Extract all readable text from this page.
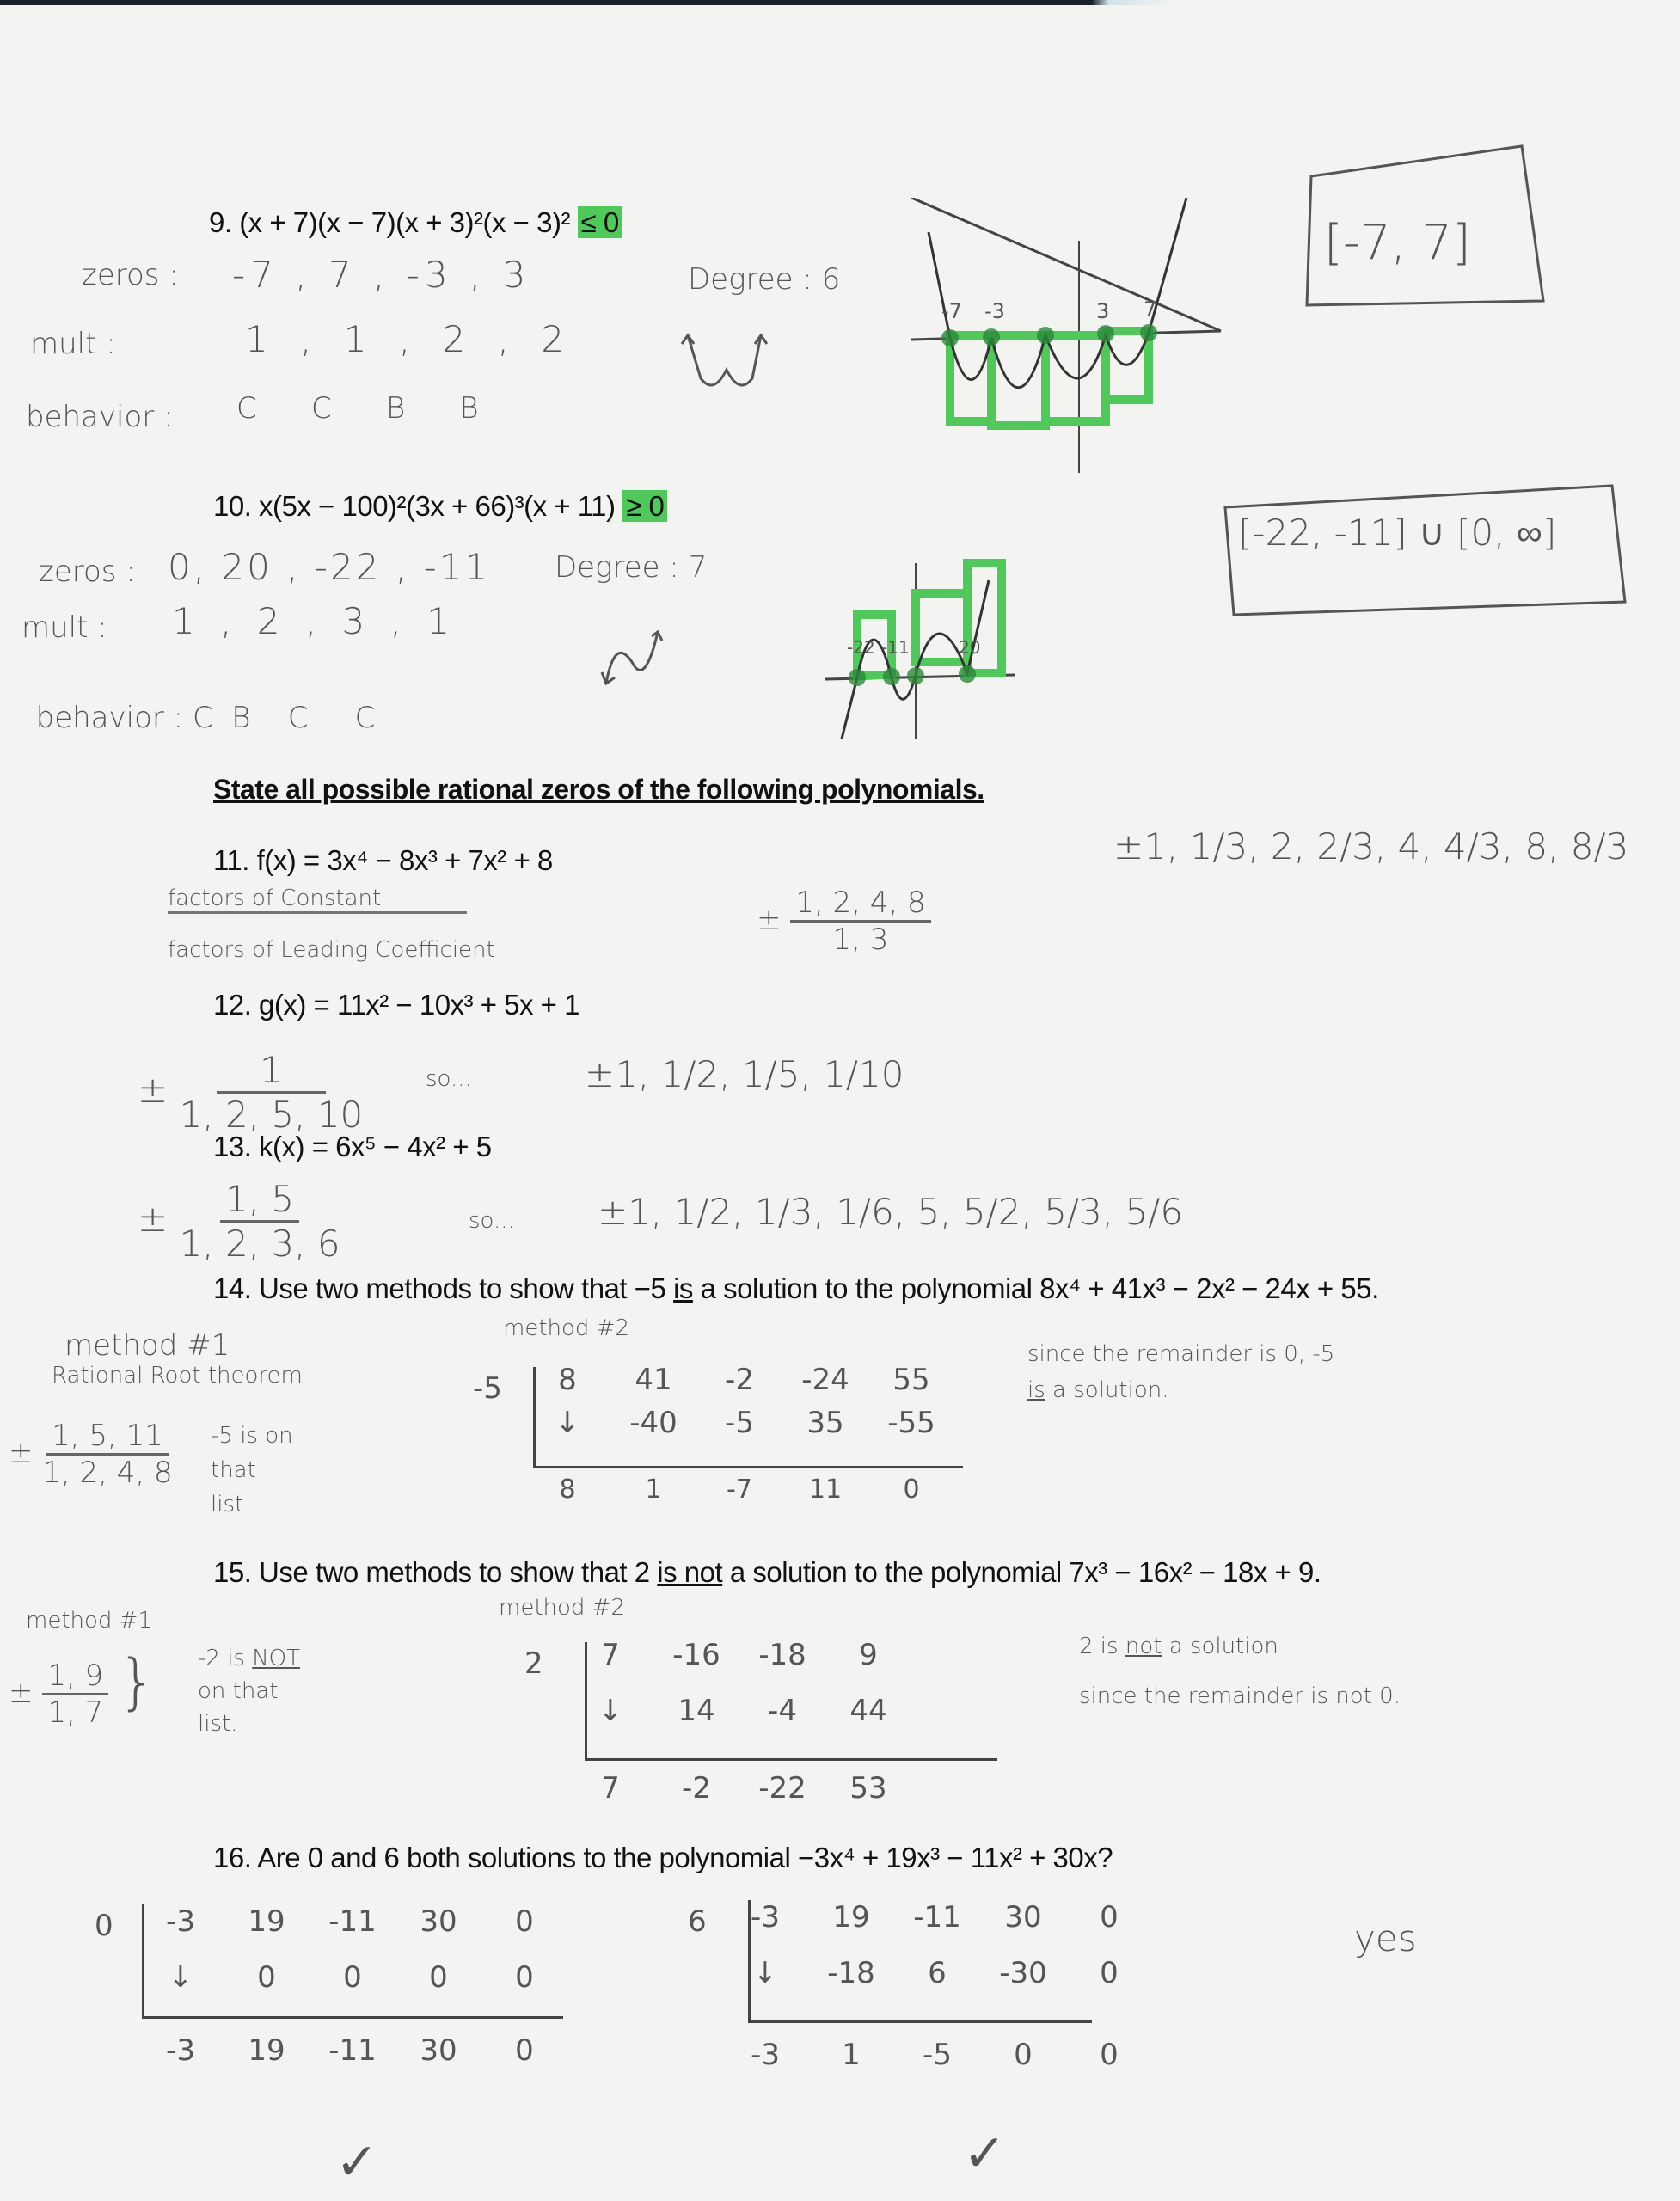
9. (x + 7)(x − 7)(x + 3)²(x − 3)² ≤ 0
zeros : -7 , 7 , -3 , 3
mult :	1 , 1 , 2 , 2
behavior : C    C    B    B
Degree : 6
-7 -3	3 7
[-7, 7]
10. x(5x − 100)²(3x + 66)³(x + 11) ≥ 0
zeros : 0, 20 , -22 , -11 Degree : 7
mult : 1 , 2 , 3 , 1

behavior : C  B    C     C

-22 -11	20
[-22, -11] ∪ [0, ∞]
State all possible rational zeros of the following polynomials.
11. f(x) = 3x⁴ − 8x³ + 7x² + 8
factors of Constant
factors of Leading Coefficient
± $\frac{1, 2, 4, 8}{1, 3}$
±1, 1/3, 2, 2/3, 4, 4/3, 8, 8/3
12. g(x) = 11x² − 10x³ + 5x + 1
± $\frac{1}{1, 2, 5, 10}$	so...	±1, 1/2, 1/5, 1/10
13. k(x) = 6x⁵ − 4x² + 5
± $\frac{1, 5}{1, 2, 3, 6}$	so... ±1, 1/2, 1/3, 1/6, 5, 5/2, 5/3, 5/6
14. Use two methods to show that −5 is a solution to the polynomial 8x⁴ + 41x³ − 2x² − 24x + 55.
method #1
Rational Root theorem
± $\frac{1, 5, 11}{1, 2, 4, 8} -5$ is on
that
list
method #2
-5	8	41	-2	-24	55
↓	-40	-5	35	-55
8	1	-7	11	0
since the remainder is 0, -5
is a solution.
15. Use two methods to show that 2 is not a solution to the polynomial 7x³ − 16x² − 18x + 9.
method #1
± $\frac{1, 9}{1, 7}$ } -2 is NOT
on that
list.
method #2
2	7	-16	-18	9
↓	14	-4	44
7	-2	-22	53
2 is not a solution
since the remainder is not 0.
16. Are 0 and 6 both solutions to the polynomial −3x⁴ + 19x³ − 11x² + 30x?
0	-3	19	-11	30	0
↓	0	0	0	0
-3	19	-11	30	0
✓
6	-3	19	-11	30	0
↓	-18	6	-30	0
-3	1	-5	0	0
✓
yes
